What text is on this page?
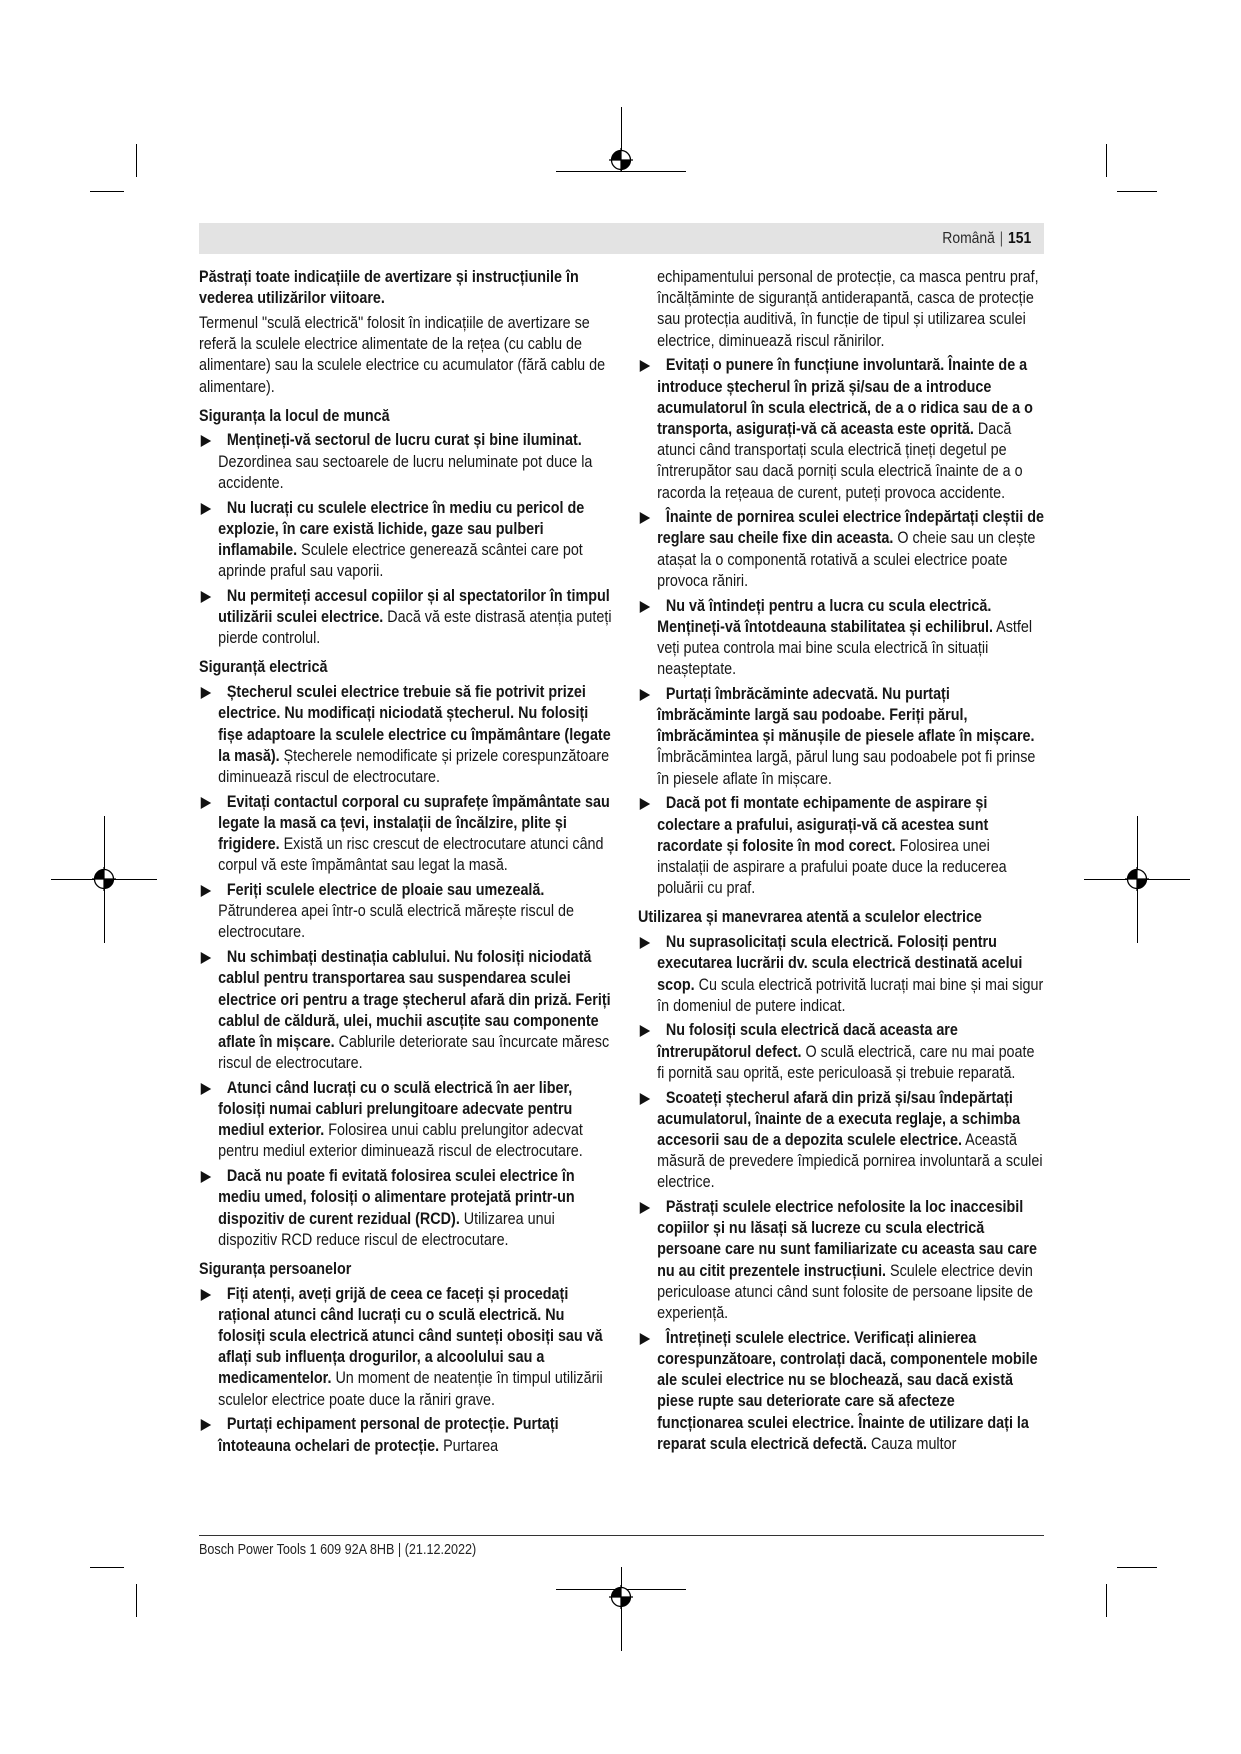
Română | 151

Păstrați toate indicațiile de avertizare și instrucțiunile în vederea utilizărilor viitoare.

Termenul "sculă electrică" folosit în indicațiile de avertizare se referă la sculele electrice alimentate de la rețea (cu cablu de alimentare) sau la sculele electrice cu acumulator (fără cablu de alimentare).

Siguranța la locul de muncă
Mențineți-vă sectorul de lucru curat și bine iluminat. Dezordinea sau sectoarele de lucru neluminate pot duce la accidente.
Nu lucrați cu sculele electrice în mediu cu pericol de explozie, în care există lichide, gaze sau pulberi inflamabile. Sculele electrice generează scântei care pot aprinde praful sau vaporii.
Nu permiteți accesul copiilor și al spectatorilor în timpul utilizării sculei electrice. Dacă vă este distrasă atenția puteți pierde controlul.
Siguranță electrică
Ștecherul sculei electrice trebuie să fie potrivit prizei electrice. Nu modificați niciodată ștecherul. Nu folosiți fișe adaptoare la sculele electrice cu împământare (legate la masă). Ștecherele nemodificate și prizele corespunzătoare diminuează riscul de electrocutare.
Evitați contactul corporal cu suprafețe împământate sau legate la masă ca țevi, instalații de încălzire, plite și frigidere. Există un risc crescut de electrocutare atunci când corpul vă este împământat sau legat la masă.
Feriți sculele electrice de ploaie sau umezeală. Pătrunderea apei într-o sculă electrică mărește riscul de electrocutare.
Nu schimbați destinația cablului. Nu folosiți niciodată cablul pentru transportarea sau suspendarea sculei electrice ori pentru a trage ștecherul afară din priză. Feriți cablul de căldură, ulei, muchii ascuțite sau componente aflate în mișcare. Cablurile deteriorate sau încurcate măresc riscul de electrocutare.
Atunci când lucrați cu o sculă electrică în aer liber, folosiți numai cabluri prelungitoare adecvate pentru mediul exterior. Folosirea unui cablu prelungitor adecvat pentru mediul exterior diminuează riscul de electrocutare.
Dacă nu poate fi evitată folosirea sculei electrice în mediu umed, folosiți o alimentare protejată printr-un dispozitiv de curent rezidual (RCD). Utilizarea unui dispozitiv RCD reduce riscul de electrocutare.
Siguranța persoanelor
Fiți atenți, aveți grijă de ceea ce faceți și procedați rațional atunci când lucrați cu o sculă electrică. Nu folosiți scula electrică atunci când sunteți obosiți sau vă aflați sub influența drogurilor, a alcoolului sau a medicamentelor. Un moment de neatenție în timpul utilizării sculelor electrice poate duce la răniri grave.
Purtați echipament personal de protecție. Purtați întoteauna ochelari de protecție. Purtarea

echipamentului personal de protecție, ca masca pentru praf, încălțăminte de siguranță antiderapantă, casca de protecție sau protecția auditivă, în funcție de tipul și utilizarea sculei electrice, diminuează riscul rănirilor.

Evitați o punere în funcțiune involuntară. Înainte de a introduce ștecherul în priză și/sau de a introduce acumulatorul în scula electrică, de a o ridica sau de a o transporta, asigurați-vă că aceasta este oprită. Dacă atunci când transportați scula electrică țineți degetul pe întrerupător sau dacă porniți scula electrică înainte de a o racorda la rețeaua de curent, puteți provoca accidente.
Înainte de pornirea sculei electrice îndepărtați cleștii de reglare sau cheile fixe din aceasta. O cheie sau un clește atașat la o componentă rotativă a sculei electrice poate provoca răniri.
Nu vă întindeți pentru a lucra cu scula electrică. Mențineți-vă întotdeauna stabilitatea și echilibrul. Astfel veți putea controla mai bine scula electrică în situații neașteptate.
Purtați îmbrăcăminte adecvată. Nu purtați îmbrăcăminte largă sau podoabe. Feriți părul, îmbrăcămintea și mănușile de piesele aflate în mișcare. Îmbrăcămintea largă, părul lung sau podoabele pot fi prinse în piesele aflate în mișcare.
Dacă pot fi montate echipamente de aspirare și colectare a prafului, asigurați-vă că acestea sunt racordate și folosite în mod corect. Folosirea unei instalații de aspirare a prafului poate duce la reducerea poluării cu praf.
Utilizarea și manevrarea atentă a sculelor electrice
Nu suprasolicitați scula electrică. Folosiți pentru executarea lucrării dv. scula electrică destinată acelui scop. Cu scula electrică potrivită lucrați mai bine și mai sigur în domeniul de putere indicat.
Nu folosiți scula electrică dacă aceasta are întrerupătorul defect. O sculă electrică, care nu mai poate fi pornită sau oprită, este periculoasă și trebuie reparată.
Scoateți ștecherul afară din priză și/sau îndepărtați acumulatorul, înainte de a executa reglaje, a schimba accesorii sau de a depozita sculele electrice. Această măsură de prevedere împiedică pornirea involuntară a sculei electrice.
Păstrați sculele electrice nefolosite la loc inaccesibil copiilor și nu lăsați să lucreze cu scula electrică persoane care nu sunt familiarizate cu aceasta sau care nu au citit prezentele instrucțiuni. Sculele electrice devin periculoase atunci când sunt folosite de persoane lipsite de experiență.
Întrețineți sculele electrice. Verificați alinierea corespunzătoare, controlați dacă, componentele mobile ale sculei electrice nu se blochează, sau dacă există piese rupte sau deteriorate care să afecteze funcționarea sculei electrice. Înainte de utilizare dați la reparat scula electrică defectă. Cauza multor
Bosch Power Tools 1 609 92A 8HB | (21.12.2022)
